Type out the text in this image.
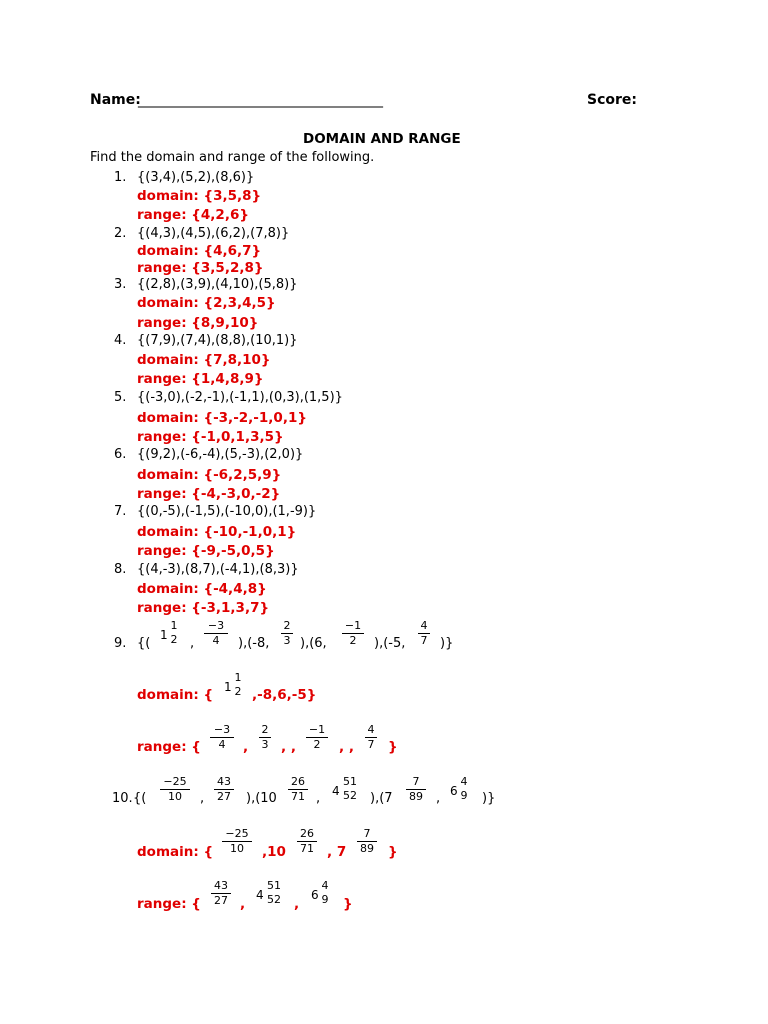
Name:
___________________________________	Score:
DOMAIN AND RANGE
Find the domain and range of the following.
1. {(3,4),(5,2),(8,6)}
domain: {3,5,8}
range: {4,2,6}
2. {(4,3),(4,5),(6,2),(7,8)}
domain: {4,6,7}
range: {3,5,2,8}
3. {(2,8),(3,9),(4,10),(5,8)}
domain: {2,3,4,5}
range: {8,9,10}
4. {(7,9),(7,4),(8,8),(10,1)}
domain: {7,8,10}
range: {1,4,8,9}
5. {(-3,0),(-2,-1),(-1,1),(0,3),(1,5)}
domain: {-3,-2,-1,0,1}
range: {-1,0,1,3,5}
6. {(9,2),(-6,-4),(5,-3),(2,0)}
domain: {-6,2,5,9}
range: {-4,-3,0,-2}
7. {(0,-5),(-1,5),(-10,0),(1,-9)}
domain: {-10,-1,0,1}
range: {-9,-5,0,5}
8. {(4,-3),(8,7),(-4,1),(8,3)}
domain: {-4,4,8}
range: {-3,1,3,7}
9. {(
1
1
2 , $\frac{-3}{4} ),(-8$, $\frac{2}{3} ),(6$, $\frac{-1}{2} ),(-5$, $\frac{4}{7}$ )}
domain: { 1
1
2 ,-8,6,-5}
range: { $\frac{-3}{4}$ , $\frac{2}{3}$ , , $\frac{-1}{2}$ , , $\frac{4}{7}$ }
10. {( $\frac{-25}{10}$ , $\frac{43}{27} ),(10 \frac{26}{71}$ , 4
51
52 )$,(7 \frac{7}{89}$ , 6
4
9 )}
domain: { $\frac{-25}{10} ,10 \frac{26}{71}$ , $7 \frac{7}{89}$ }
range: { $\frac{43}{27}$ ,
4
51
52 ,
6
4
9 }
